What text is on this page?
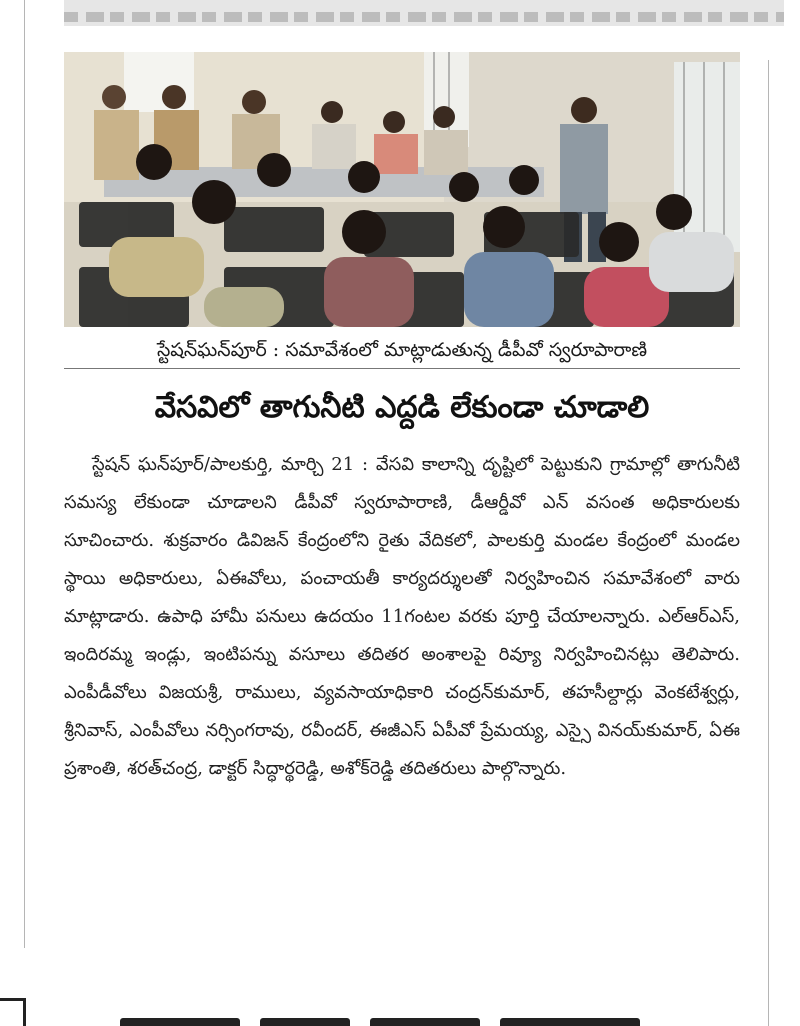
స్టేషన్‌ఘన్‌పూర్ : సమావేశంలో మాట్లాడుతున్న డీపీవో స్వరూపారాణి
వేసవిలో తాగునీటి ఎద్దడి లేకుండా చూడాలి
స్టేషన్ ఘన్‌పూర్/పాలకుర్తి, మార్చి 21 : వేసవి కాలాన్ని దృష్టిలో పెట్టుకుని గ్రామాల్లో తాగునీటి సమస్య లేకుండా చూడాలని డీపీవో స్వరూపారాణి, డీఆర్డీవో ఎన్ వసంత అధికారులకు సూచించారు. శుక్రవారం డివిజన్ కేంద్రంలోని రైతు వేదికలో, పాలకుర్తి మండల కేంద్రంలో మండల స్థాయి అధికారులు, ఏఈవోలు, పంచాయతీ కార్యదర్శులతో నిర్వహించిన సమావేశంలో వారు మాట్లాడారు. ఉపాధి హామీ పనులు ఉదయం 11గంటల వరకు పూర్తి చేయాలన్నారు. ఎల్‌ఆర్ఎస్, ఇందిరమ్మ ఇండ్లు, ఇంటిపన్ను వసూలు తదితర అంశాలపై రివ్యూ నిర్వహించినట్లు తెలిపారు. ఎంపీడీవోలు విజయశ్రీ, రాములు, వ్యవసాయాధికారి చంద్రన్‌కుమార్, తహసీల్దార్లు వెంకటేశ్వర్లు, శ్రీనివాస్, ఎంపీవోలు నర్సింగరావు, రవీందర్, ఈజీఎస్ ఏపీవో ప్రేమయ్య, ఎస్సై వినయ్‌కుమార్, ఏఈ ప్రశాంతి, శరత్‌చంద్ర, డాక్టర్ సిద్ధార్థరెడ్డి, అశోక్‌రెడ్డి తదితరులు పాల్గొన్నారు.
